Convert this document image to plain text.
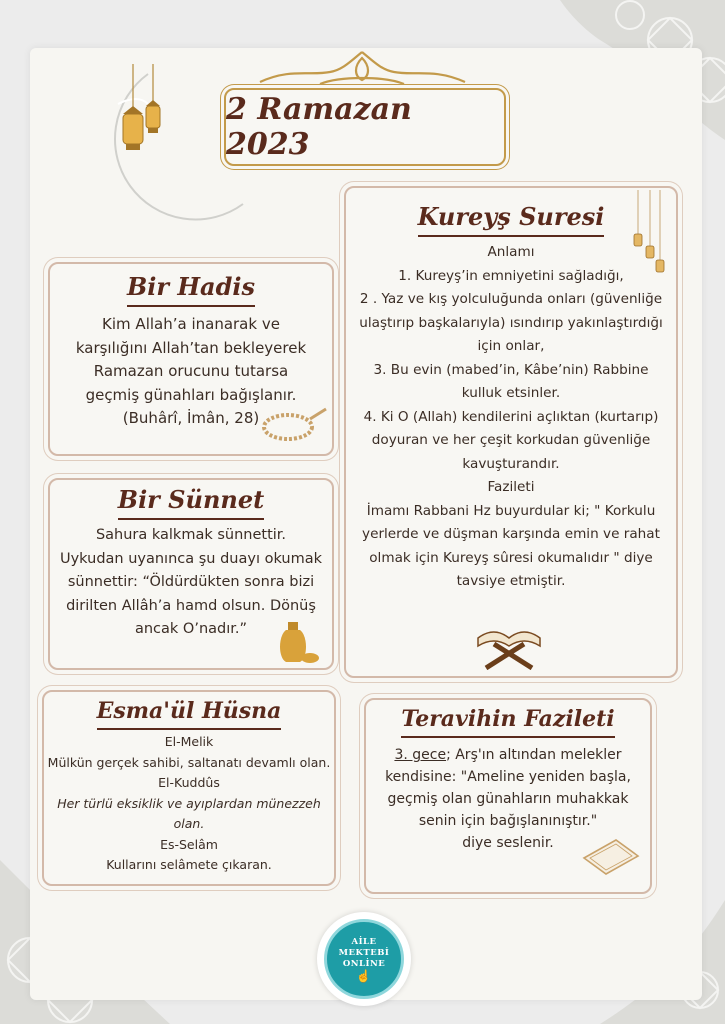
2 Ramazan 2023
Bir Hadis
Kim Allah’a inanarak ve
karşılığını Allah’tan bekleyerek
Ramazan orucunu tutarsa
geçmiş günahları bağışlanır.
(Buhârî, İmân, 28)
Bir Sünnet
Sahura kalkmak sünnettir.
Uykudan uyanınca şu duayı okumak
sünnettir: “Öldürdükten sonra bizi
dirilten Allâh’a hamd olsun. Dönüş
ancak O’nadır.”
Esma'ül Hüsna
El-Melik
Mülkün gerçek sahibi, saltanatı devamlı olan.
El-Kuddûs
Her türlü eksiklik ve ayıplardan münezzeh
olan.
Es-Selâm
Kullarını selâmete çıkaran.
Kureyş Suresi
Anlamı
1. Kureyş’in emniyetini sağladığı,
2 . Yaz ve kış yolculuğunda onları (güvenliğe
ulaştırıp başkalarıyla) ısındırıp yakınlaştırdığı
için onlar,
3. Bu evin (mabed’in, Kâbe’nin) Rabbine
kulluk etsinler.
4. Ki O (Allah) kendilerini açlıktan (kurtarıp)
doyuran ve her çeşit korkudan güvenliğe
kavuşturandır.
Fazileti
İmamı Rabbani Hz buyurdular ki; " Korkulu
yerlerde ve düşman karşında emin ve rahat
olmak için Kureyş sûresi okumalıdır " diye
tavsiye etmiştir.
Teravihin Fazileti
3. gece; Arş'ın altından melekler
kendisine: "Ameline yeniden başla,
geçmiş olan günahların muhakkak
senin için bağışlanınıştır."
diye seslenir.
AİLE
MEKTEBİ
ONLİNE
☝
